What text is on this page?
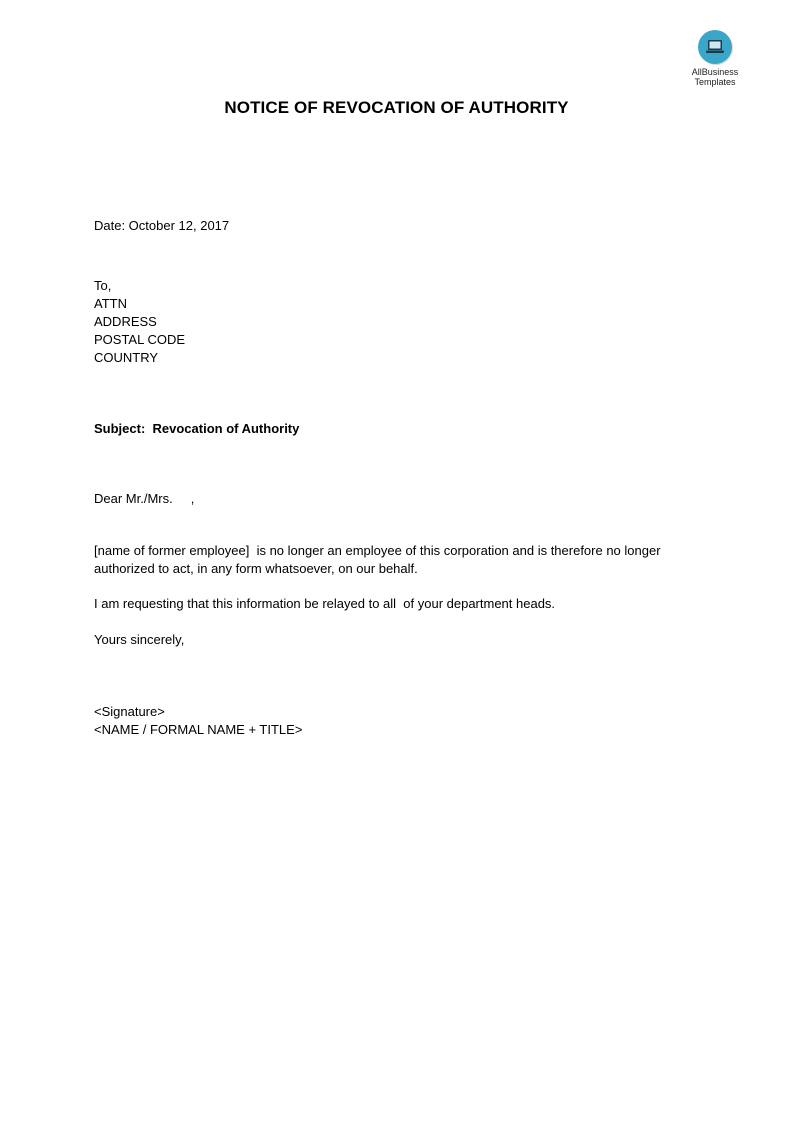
AllBusiness
Templates
NOTICE OF REVOCATION OF AUTHORITY
Date: October 12, 2017
To,
ATTN
ADDRESS
POSTAL CODE
COUNTRY
Subject:  Revocation of Authority
Dear Mr./Mrs.     ,
[name of former employee]  is no longer an employee of this corporation and is therefore no longer
authorized to act, in any form whatsoever, on our behalf.
I am requesting that this information be relayed to all  of your department heads.
Yours sincerely,
<Signature>
<NAME / FORMAL NAME + TITLE>
